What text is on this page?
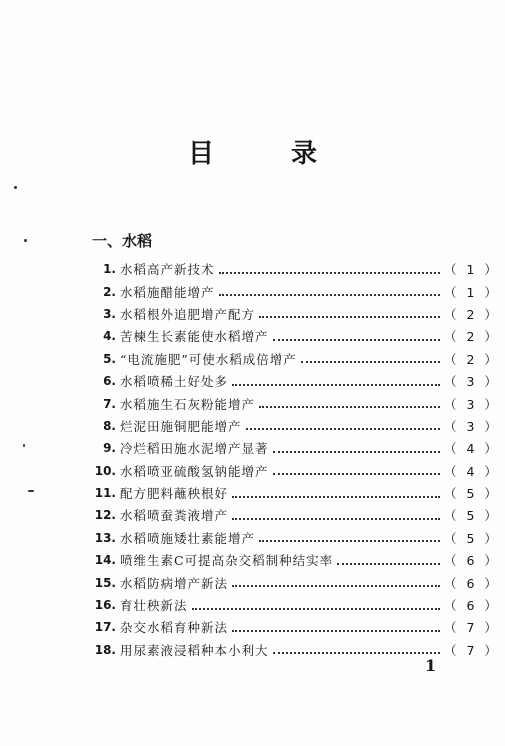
目 录
一、水稻
1. 水稻高产新技术	（ 1 ）
2. 水稻施醋能增产	（ 1 ）
3. 水稻根外追肥增产配方	（ 2 ）
4. 苦楝生长素能使水稻增产	（ 2 ）
5. “电流施肥”可使水稻成倍增产	（ 2 ）
6. 水稻喷稀土好处多	（ 3 ）
7. 水稻施生石灰粉能增产	（ 3 ）
8. 烂泥田施铜肥能增产	（ 3 ）
9. 冷烂稻田施水泥增产显著	（ 4 ）
10. 水稻喷亚硫酸氢钠能增产	（ 4 ）
11. 配方肥料蘸秧根好	（ 5 ）
12. 水稻喷蚕粪液增产	（ 5 ）
13. 水稻喷施矮壮素能增产	（ 5 ）
14. 喷维生素C可提高杂交稻制种结实率	（ 6 ）
15. 水稻防病增产新法	（ 6 ）
16. 育壮秧新法	（ 6 ）
17. 杂交水稻育种新法	（ 7 ）
18. 用尿素液浸稻种本小利大	（ 7 ）
1
